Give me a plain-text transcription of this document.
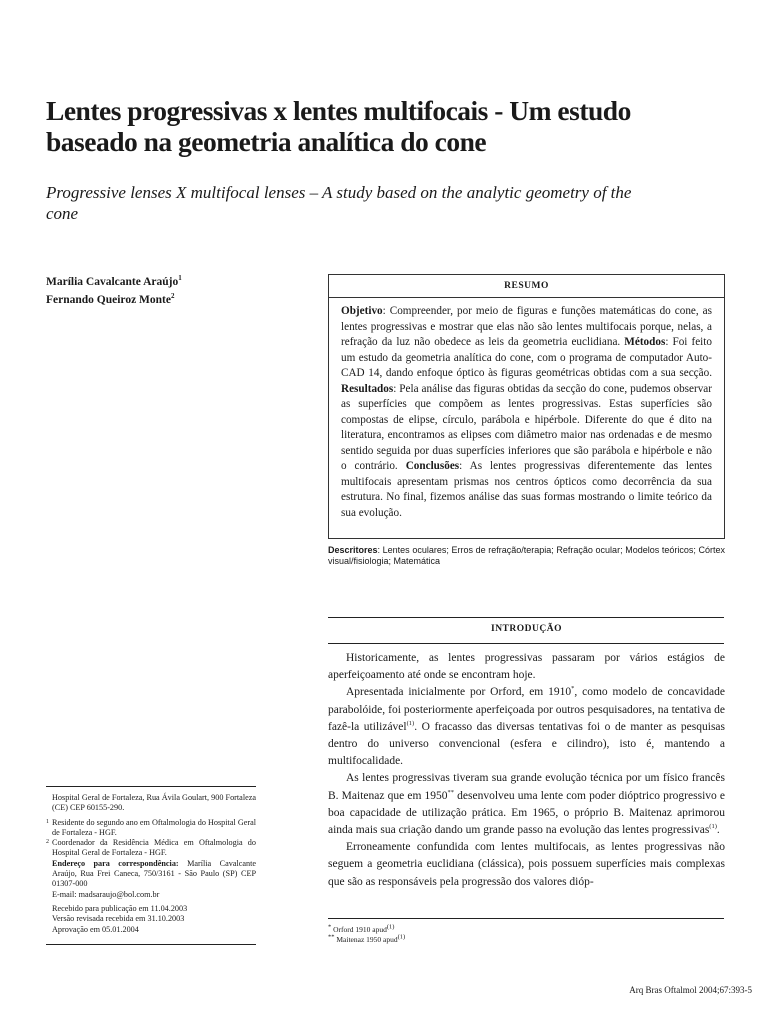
Lentes progressivas x lentes multifocais - Um estudo baseado na geometria analítica do cone
Progressive lenses X multifocal lenses – A study based on the analytic geometry of the cone
Marília Cavalcante Araújo$^1$
Fernando Queiroz Monte$^2$
RESUMO
Objetivo: Compreender, por meio de figuras e funções matemáticas do cone, as lentes progressivas e mostrar que elas não são lentes multifocais porque, nelas, a refração da luz não obedece as leis da geometria euclidiana. Métodos: Foi feito um estudo da geometria analítica do cone, com o programa de computador Auto-CAD 14, dando enfoque óptico às figuras geométricas obtidas com a sua secção. Resultados: Pela análise das figuras obtidas da secção do cone, pudemos observar as superfícies que compõem as lentes progressivas. Estas superfícies são compostas de elipse, círculo, parábola e hipérbole. Diferente do que é dito na literatura, encontramos as elipses com diâmetro maior nas ordenadas e de mesmo sentido seguida por duas superfícies inferiores que são parábola e hipérbole e não o contrário. Conclusões: As lentes progressivas diferentemente das lentes multifocais apresentam prismas nos centros ópticos como decorrência da sua estrutura. No final, fizemos análise das suas formas mostrando o limite teórico da sua evolução.
Descritores: Lentes oculares; Erros de refração/terapia; Refração ocular; Modelos teóricos; Córtex visual/fisiologia; Matemática
INTRODUÇÃO

Historicamente, as lentes progressivas passaram por vários estágios de aperfeiçoamento até onde se encontram hoje.

Apresentada inicialmente por Orford, em 1910*, como modelo de concavidade parabolóide, foi posteriormente aperfeiçoada por outros pesquisadores, na tentativa de fazê-la utilizável$^{(1)}$. O fracasso das diversas tentativas foi o de manter as pesquisas dentro do universo convencional (esfera e cilindro), isto é, mantendo a multifocalidade.

As lentes progressivas tiveram sua grande evolução técnica por um físico francês B. Maitenaz que em 1950** desenvolveu uma lente com poder dióptrico progressivo e boa capacidade de utilização prática. Em 1965, o próprio B. Maitenaz aprimorou ainda mais sua criação dando um grande passo na evolução das lentes progressivas$^{(1)}$.

Erroneamente confundida com lentes multifocais, as lentes progressivas não seguem a geometria euclidiana (clássica), pois possuem superfícies mais complexas que são as responsáveis pela progressão dos valores dióp-

Hospital Geral de Fortaleza, Rua Ávila Goulart, 900 Fortaleza (CE) CEP 60155-290.
1 Residente do segundo ano em Oftalmologia do Hospital Geral de Fortaleza - HGF.
2 Coordenador da Residência Médica em Oftalmologia do Hospital Geral de Fortaleza - HGF.
Endereço para correspondência: Marília Cavalcante Araújo, Rua Frei Caneca, 750/3161 - São Paulo (SP) CEP 01307-000
E-mail: madsaraujo@bol.com.br
Recebido para publicação em 11.04.2003
Versão revisada recebida em 31.10.2003
Aprovação em 05.01.2004	* Orford 1910 apud$^{(1)}$
** Maitenaz 1950 apud$^{(1)}$
Arq Bras Oftalmol 2004;67:393-5
